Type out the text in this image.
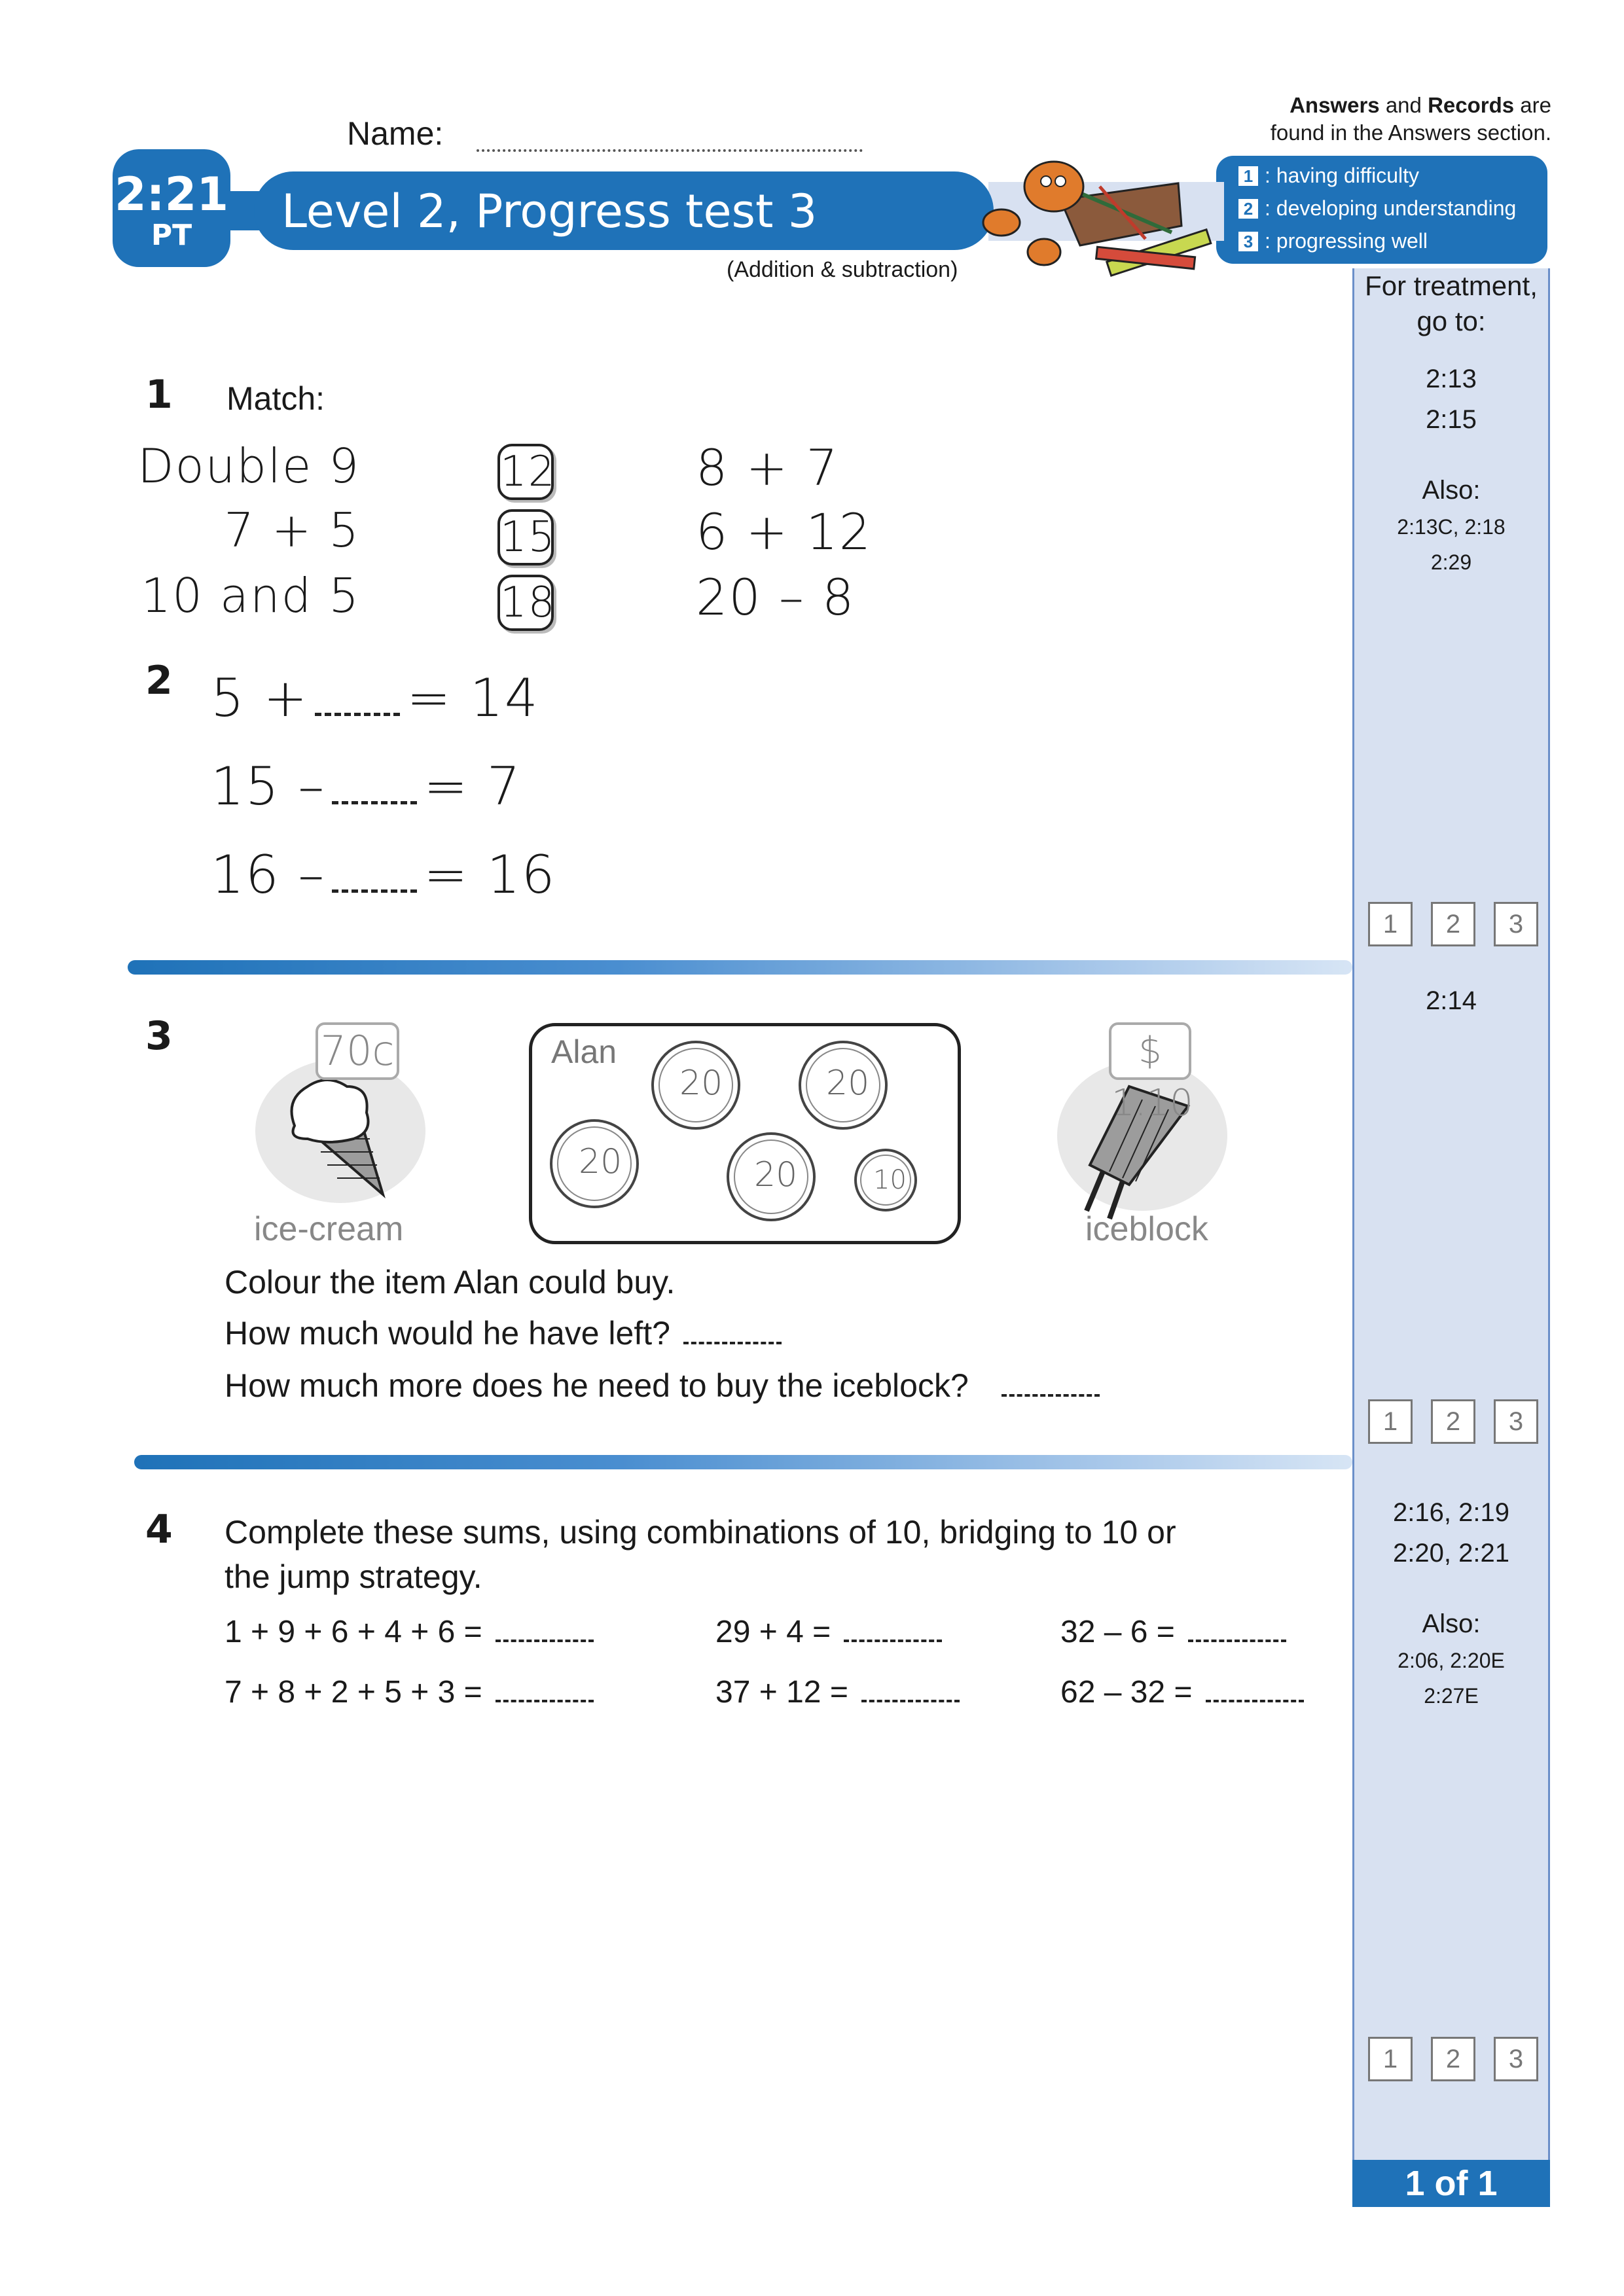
Name:
Answers and Records are
found in the Answers section.
1 : having difficulty
2 : developing understanding
3 : progressing well
2:21
PT	Level 2, Progress test 3
(Addition & subtraction)
For treatment,
go to:
2:13
2:15
Also:
2:13C, 2:18
2:29
1	2	3
2:14
1	2	3
2:16, 2:19
2:20, 2:21
Also:
2:06, 2:20E
2:27E
1	2	3
1 of 1
1 Match:
Double 9
7 + 5
10 and 5
12
15
18
8 + 7
6 + 12
20 – 8
2 5 + = 14
15 – = 7
16 – = 16
3	70c
ice-cream
Alan
20	20
20	20	10
$ 1.10
iceblock
Colour the item Alan could buy.
How much would he have left?
How much more does he need to buy the iceblock?
4 Complete these sums, using combinations of 10, bridging to 10 or
the jump strategy.
1 + 9 + 6 + 4 + 6 =	29 + 4 =	32 – 6 =
7 + 8 + 2 + 5 + 3 =	37 + 12 =	62 – 32 =
